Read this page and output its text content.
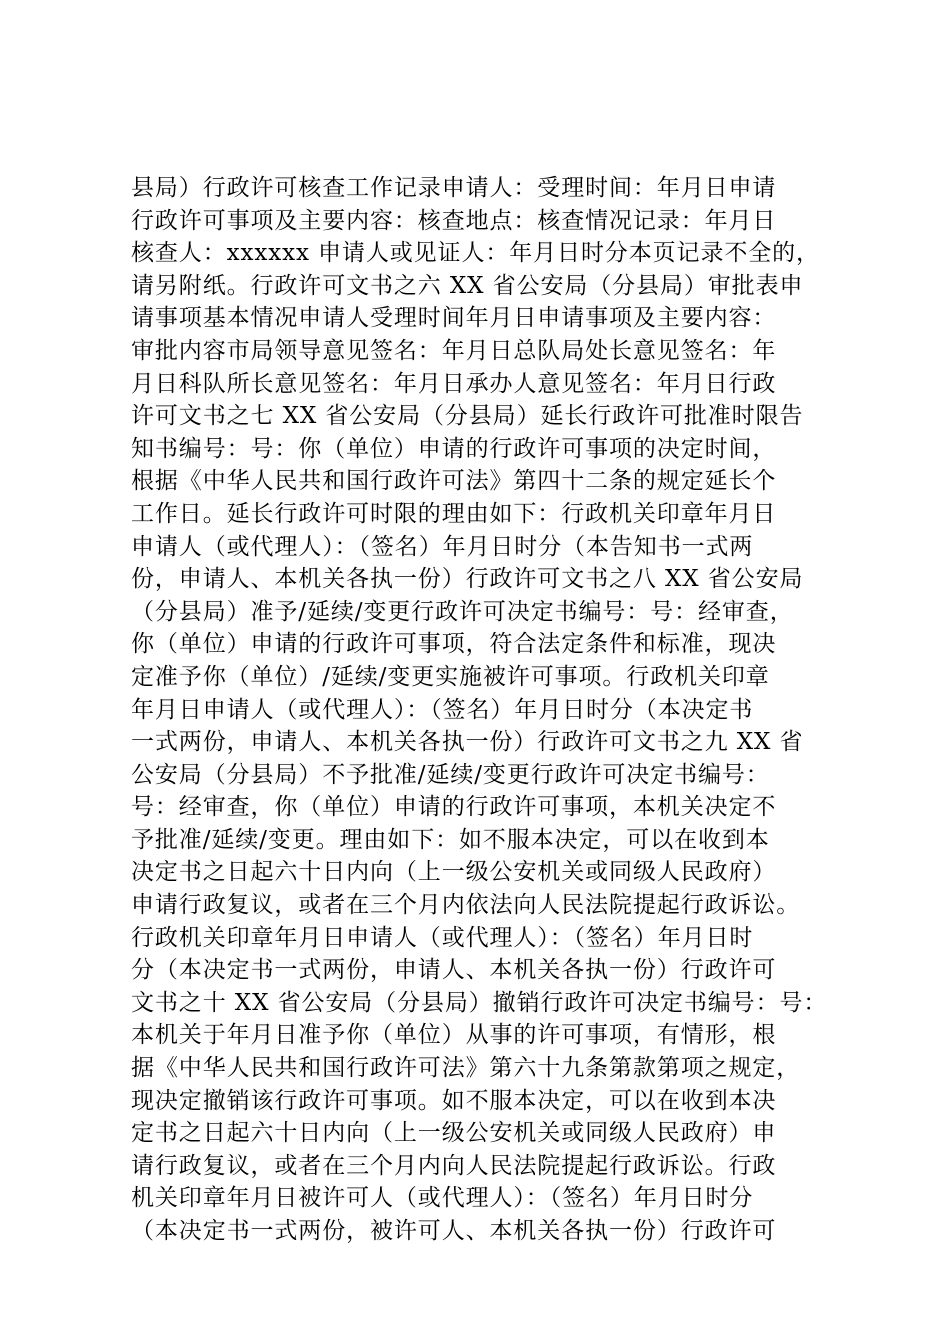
县局）行政许可核查工作记录申请人：受理时间：年月日申请
行政许可事项及主要内容：核查地点：核查情况记录：年月日
核查人：xxxxxx 申请人或见证人：年月日时分本页记录不全的，
请另附纸。行政许可文书之六 XX 省公安局（分县局）审批表申
请事项基本情况申请人受理时间年月日申请事项及主要内容：
审批内容市局领导意见签名：年月日总队局处长意见签名：年
月日科队所长意见签名：年月日承办人意见签名：年月日行政
许可文书之七 XX 省公安局（分县局）延长行政许可批准时限告
知书编号：号：你（单位）申请的行政许可事项的决定时间，
根据《中华人民共和国行政许可法》第四十二条的规定延长个
工作日。延长行政许可时限的理由如下：行政机关印章年月日
申请人（或代理人）：（签名）年月日时分（本告知书一式两
份，申请人、本机关各执一份）行政许可文书之八 XX 省公安局
（分县局）准予/延续/变更行政许可决定书编号：号：经审查，
你（单位）申请的行政许可事项，符合法定条件和标准，现决
定准予你（单位）/延续/变更实施被许可事项。行政机关印章
年月日申请人（或代理人）：（签名）年月日时分（本决定书
一式两份，申请人、本机关各执一份）行政许可文书之九 XX 省
公安局（分县局）不予批准/延续/变更行政许可决定书编号：
号：经审查，你（单位）申请的行政许可事项，本机关决定不
予批准/延续/变更。理由如下：如不服本决定，可以在收到本
决定书之日起六十日内向（上一级公安机关或同级人民政府）
申请行政复议，或者在三个月内依法向人民法院提起行政诉讼。
行政机关印章年月日申请人（或代理人）：（签名）年月日时
分（本决定书一式两份，申请人、本机关各执一份）行政许可
文书之十 XX 省公安局（分县局）撤销行政许可决定书编号：号：
本机关于年月日准予你（单位）从事的许可事项，有情形，根
据《中华人民共和国行政许可法》第六十九条第款第项之规定，
现决定撤销该行政许可事项。如不服本决定，可以在收到本决
定书之日起六十日内向（上一级公安机关或同级人民政府）申
请行政复议，或者在三个月内向人民法院提起行政诉讼。行政
机关印章年月日被许可人（或代理人）：（签名）年月日时分
（本决定书一式两份，被许可人、本机关各执一份）行政许可
